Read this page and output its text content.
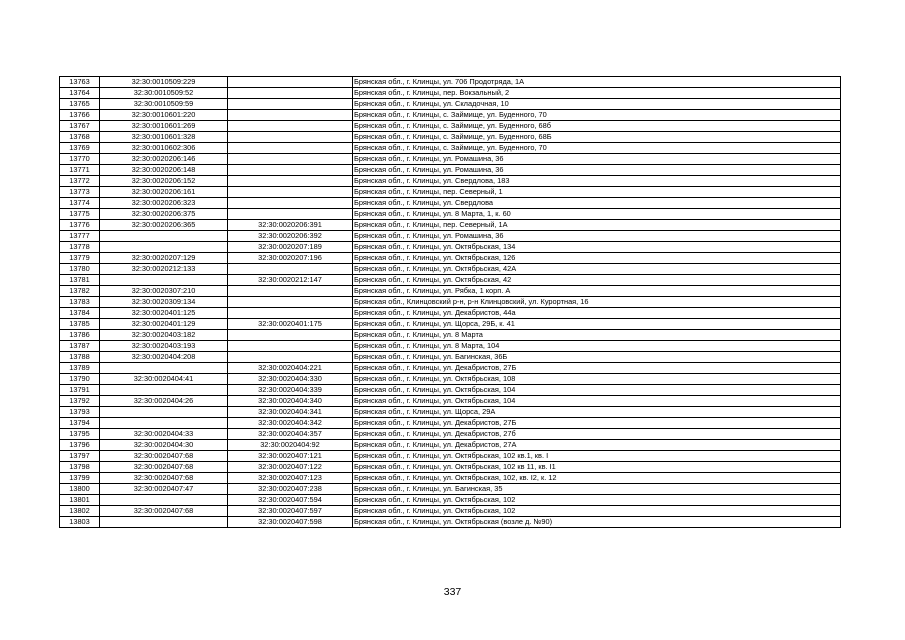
13763	32:30:0010509:229		Брянская обл., г. Клинцы, ул. 706 Продотряда, 1А
13764	32:30:0010509:52		Брянская обл., г. Клинцы, пер. Вокзальный, 2
13765	32:30:0010509:59		Брянская обл., г. Клинцы, ул. Складочная, 10
13766	32:30:0010601:220		Брянская обл., г. Клинцы, с. Займище, ул. Буденного, 70
13767	32:30:0010601:269		Брянская обл., г. Клинцы, с. Займище, ул. Буденного, 68б
13768	32:30:0010601:328		Брянская обл., г. Клинцы, с. Займище, ул. Буденного, 68Б
13769	32:30:0010602:306		Брянская обл., г. Клинцы, с. Займище, ул. Буденного, 70
13770	32:30:0020206:146		Брянская обл., г. Клинцы, ул. Ромашина, 36
13771	32:30:0020206:148		Брянская обл., г. Клинцы, ул. Ромашина, 36
13772	32:30:0020206:152		Брянская обл., г. Клинцы, ул. Свердлова, 183
13773	32:30:0020206:161		Брянская обл., г. Клинцы, пер. Северный, 1
13774	32:30:0020206:323		Брянская обл., г. Клинцы, ул. Свердлова
13775	32:30:0020206:375		Брянская обл., г. Клинцы, ул. 8 Марта, 1, к. 60
13776	32:30:0020206:365	32:30:0020206:391	Брянская обл., г. Клинцы, пер. Северный, 1А
13777		32:30:0020206:392	Брянская обл., г. Клинцы, ул. Ромашина, 36
13778		32:30:0020207:189	Брянская обл., г. Клинцы, ул. Октябрьская, 134
13779	32:30:0020207:129	32:30:0020207:196	Брянская обл., г. Клинцы, ул. Октябрьская, 126
13780	32:30:0020212:133		Брянская обл., г. Клинцы, ул. Октябрьская, 42А
13781		32:30:0020212:147	Брянская обл., г. Клинцы, ул. Октябрьская, 42
13782	32:30:0020307:210		Брянская обл., г. Клинцы, ул. Рябка, 1 корп. А
13783	32:30:0020309:134		Брянская обл., Клинцовский р-н, р-н Клинцовский, ул. Курортная, 16
13784	32:30:0020401:125		Брянская обл., г. Клинцы, ул. Декабристов, 44а
13785	32:30:0020401:129	32:30:0020401:175	Брянская обл., г. Клинцы, ул. Щорса, 29Б, к. 41
13786	32:30:0020403:182		Брянская обл., г. Клинцы, ул. 8 Марта
13787	32:30:0020403:193		Брянская обл., г. Клинцы, ул. 8 Марта, 104
13788	32:30:0020404:208		Брянская обл., г. Клинцы, ул. Багинская, 36Б
13789		32:30:0020404:221	Брянская обл., г. Клинцы, ул. Декабристов, 27Б
13790	32:30:0020404:41	32:30:0020404:330	Брянская обл., г. Клинцы, ул. Октябрьская, 108
13791		32:30:0020404:339	Брянская обл., г. Клинцы, ул. Октябрьская, 104
13792	32:30:0020404:26	32:30:0020404:340	Брянская обл., г. Клинцы, ул. Октябрьская, 104
13793		32:30:0020404:341	Брянская обл., г. Клинцы, ул. Щорса, 29А
13794		32:30:0020404:342	Брянская обл., г. Клинцы, ул. Декабристов, 27Б
13795	32:30:0020404:33	32:30:0020404:357	Брянская обл., г. Клинцы, ул. Декабристов, 27б
13796	32:30:0020404:30	32:30:0020404:92	Брянская обл., г. Клинцы, ул. Декабристов, 27А
13797	32:30:0020407:68	32:30:0020407:121	Брянская обл., г. Клинцы, ул. Октябрьская, 102 кв.1, кв. I
13798	32:30:0020407:68	32:30:0020407:122	Брянская обл., г. Клинцы, ул. Октябрьская, 102 кв 11, кв. I1
13799	32:30:0020407:68	32:30:0020407:123	Брянская обл., г. Клинцы, ул. Октябрьская, 102, кв. I2, к. 12
13800	32:30:0020407:47	32:30:0020407:238	Брянская обл., г. Клинцы, ул. Багинская, 35
13801		32:30:0020407:594	Брянская обл., г. Клинцы, ул. Октябрьская, 102
13802	32:30:0020407:68	32:30:0020407:597	Брянская обл., г. Клинцы, ул. Октябрьская, 102
13803		32:30:0020407:598	Брянская обл., г. Клинцы, ул. Октябрьская (возле д. №90)
337
